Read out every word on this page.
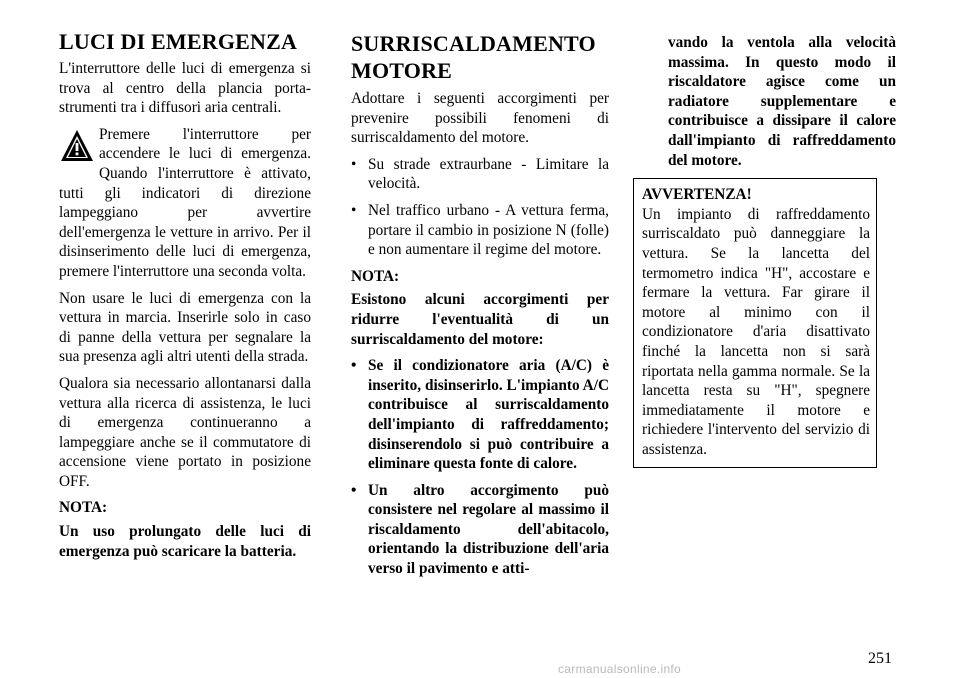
LUCI DI EMERGENZA

L'interruttore delle luci di emergenza si trova al centro della plancia porta-strumenti tra i diffusori aria centrali.

Premere l'interruttore per accendere le luci di emergenza. Quando l'interruttore è attivato, tutti gli indicatori di direzione lampeggiano per avvertire dell'emergenza le vetture in arrivo. Per il disinserimento delle luci di emergenza, premere l'interruttore una seconda volta.

Non usare le luci di emergenza con la vettura in marcia. Inserirle solo in caso di panne della vettura per segnalare la sua presenza agli altri utenti della strada.

Qualora sia necessario allontanarsi dalla vettura alla ricerca di assistenza, le luci di emergenza continueranno a lampeggiare anche se il commutatore di accensione viene portato in posizione OFF.

NOTA:

Un uso prolungato delle luci di emergenza può scaricare la batteria.

SURRISCALDAMENTO
MOTORE

Adottare i seguenti accorgimenti per prevenire possibili fenomeni di surriscaldamento del motore.

• Su strade extraurbane - Limitare la velocità.
• Nel traffico urbano - A vettura ferma, portare il cambio in posizione N (folle) e non aumentare il regime del motore.

NOTA:

Esistono alcuni accorgimenti per ridurre l'eventualità di un surriscaldamento del motore:

• Se il condizionatore aria (A/C) è inserito, disinserirlo. L'impianto A/C contribuisce al surriscaldamento dell'impianto di raffreddamento; disinserendolo si può contribuire a eliminare questa fonte di calore.
• Un altro accorgimento può consistere nel regolare al massimo il riscaldamento dell'abitacolo, orientando la distribuzione dell'aria verso il pavimento e atti-

vando la ventola alla velocità massima. In questo modo il riscaldatore agisce come un radiatore supplementare e contribuisce a dissipare il calore dall'impianto di raffreddamento del motore.

AVVERTENZA!

Un impianto di raffreddamento surriscaldato può danneggiare la vettura. Se la lancetta del termometro indica "H", accostare e fermare la vettura. Far girare il motore al minimo con il condizionatore d'aria disattivato finché la lancetta non si sarà riportata nella gamma normale. Se la lancetta resta su "H", spegnere immediatamente il motore e richiedere l'intervento del servizio di assistenza.

251
carmanualsonline.info
